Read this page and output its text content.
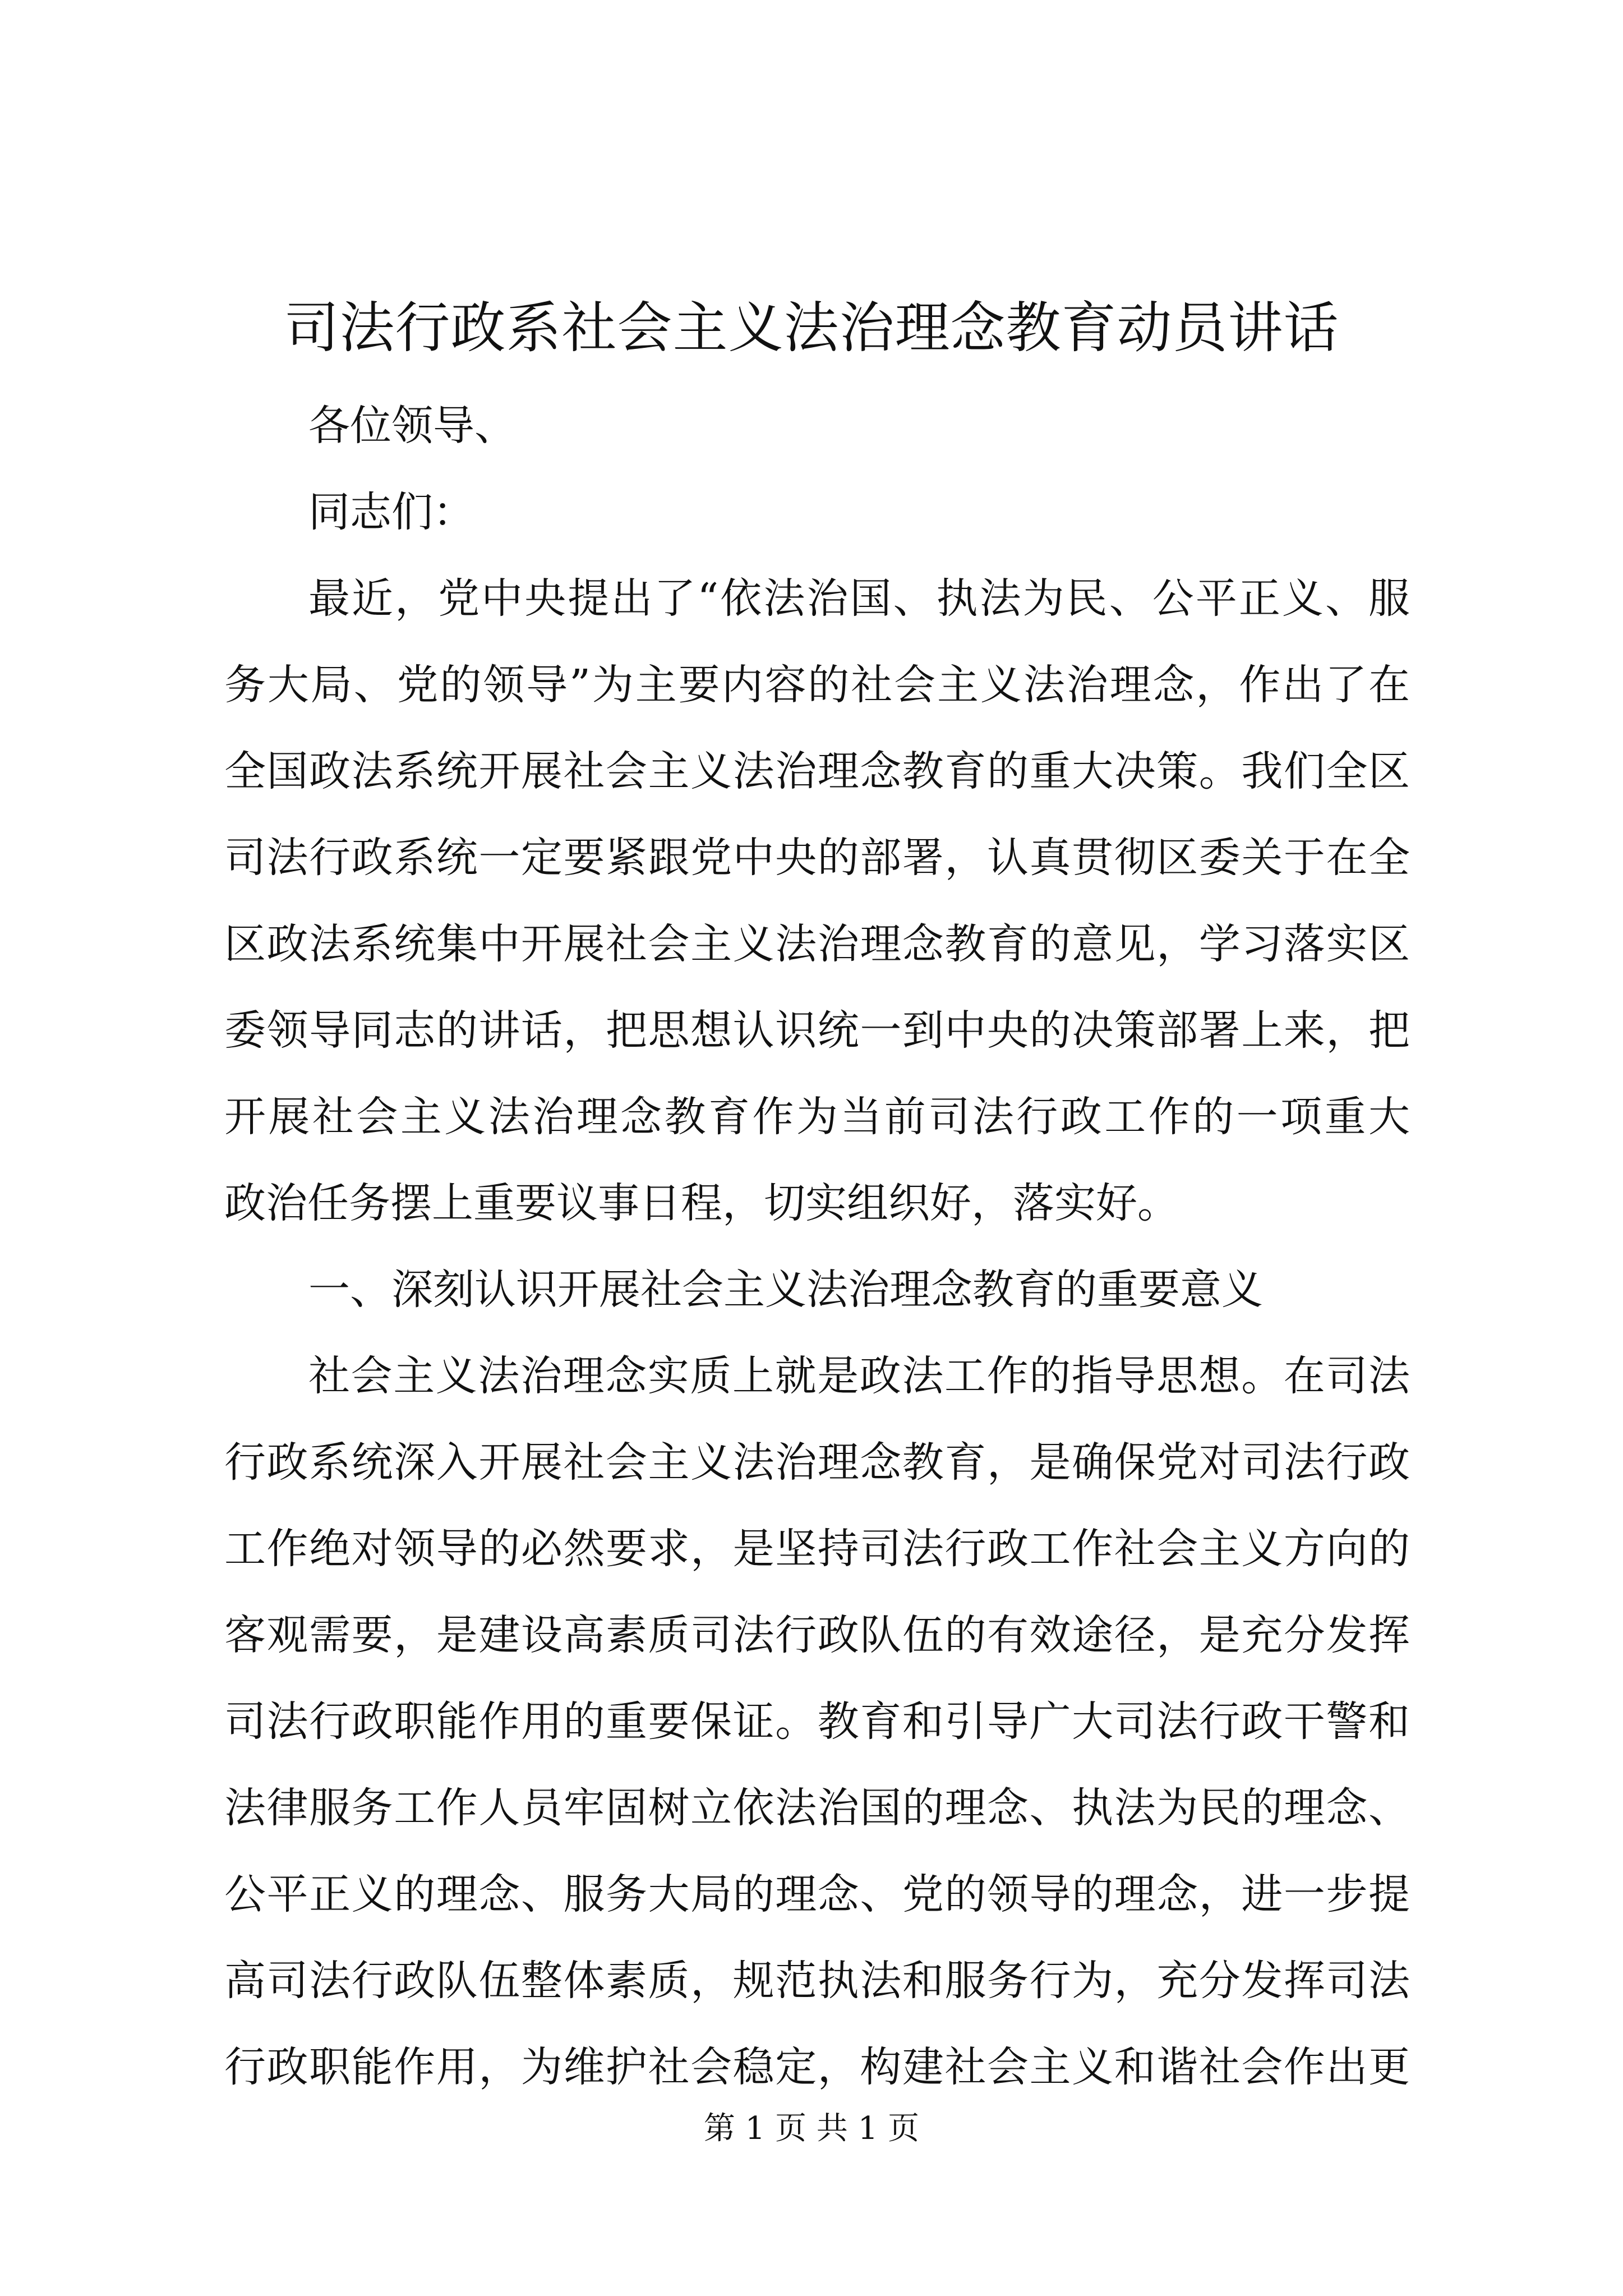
司法行政系社会主义法治理念教育动员讲话
各位领导、
同志们：
最近，党中央提出了“依法治国、执法为民、公平正义、服
务大局、党的领导”为主要内容的社会主义法治理念，作出了在
全国政法系统开展社会主义法治理念教育的重大决策。我们全区
司法行政系统一定要紧跟党中央的部署，认真贯彻区委关于在全
区政法系统集中开展社会主义法治理念教育的意见，学习落实区
委领导同志的讲话，把思想认识统一到中央的决策部署上来，把
开展社会主义法治理念教育作为当前司法行政工作的一项重大
政治任务摆上重要议事日程，切实组织好，落实好。
一、深刻认识开展社会主义法治理念教育的重要意义
社会主义法治理念实质上就是政法工作的指导思想。在司法
行政系统深入开展社会主义法治理念教育，是确保党对司法行政
工作绝对领导的必然要求，是坚持司法行政工作社会主义方向的
客观需要，是建设高素质司法行政队伍的有效途径，是充分发挥
司法行政职能作用的重要保证。教育和引导广大司法行政干警和
法律服务工作人员牢固树立依法治国的理念、执法为民的理念、
公平正义的理念、服务大局的理念、党的领导的理念，进一步提
高司法行政队伍整体素质，规范执法和服务行为，充分发挥司法
行政职能作用，为维护社会稳定，构建社会主义和谐社会作出更
第 1 页 共 1 页
